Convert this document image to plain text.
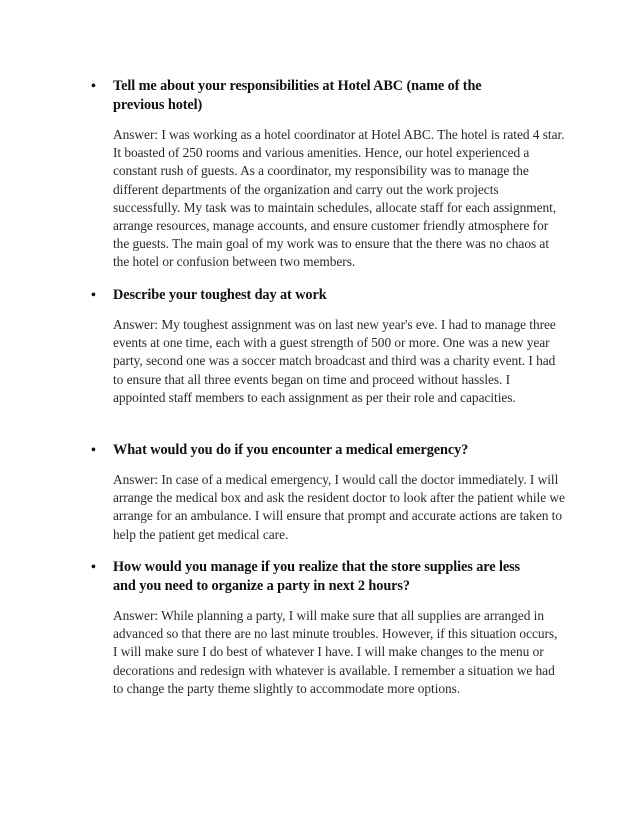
• Tell me about your responsibilities at Hotel ABC (name of the previous hotel)
Answer: I was working as a hotel coordinator at Hotel ABC. The hotel is rated 4 star. It boasted of 250 rooms and various amenities. Hence, our hotel experienced a constant rush of guests. As a coordinator, my responsibility was to manage the different departments of the organization and carry out the work projects successfully. My task was to maintain schedules, allocate staff for each assignment, arrange resources, manage accounts, and ensure customer friendly atmosphere for the guests. The main goal of my work was to ensure that the there was no chaos at the hotel or confusion between two members.
• Describe your toughest day at work
Answer: My toughest assignment was on last new year's eve. I had to manage three events at one time, each with a guest strength of 500 or more. One was a new year party, second one was a soccer match broadcast and third was a charity event. I had to ensure that all three events began on time and proceed without hassles. I appointed staff members to each assignment as per their role and capacities.
• What would you do if you encounter a medical emergency?
Answer: In case of a medical emergency, I would call the doctor immediately. I will arrange the medical box and ask the resident doctor to look after the patient while we arrange for an ambulance. I will ensure that prompt and accurate actions are taken to help the patient get medical care.
• How would you manage if you realize that the store supplies are less and you need to organize a party in next 2 hours?
Answer: While planning a party, I will make sure that all supplies are arranged in advanced so that there are no last minute troubles. However, if this situation occurs, I will make sure I do best of whatever I have. I will make changes to the menu or decorations and redesign with whatever is available. I remember a situation we had to change the party theme slightly to accommodate more options.
